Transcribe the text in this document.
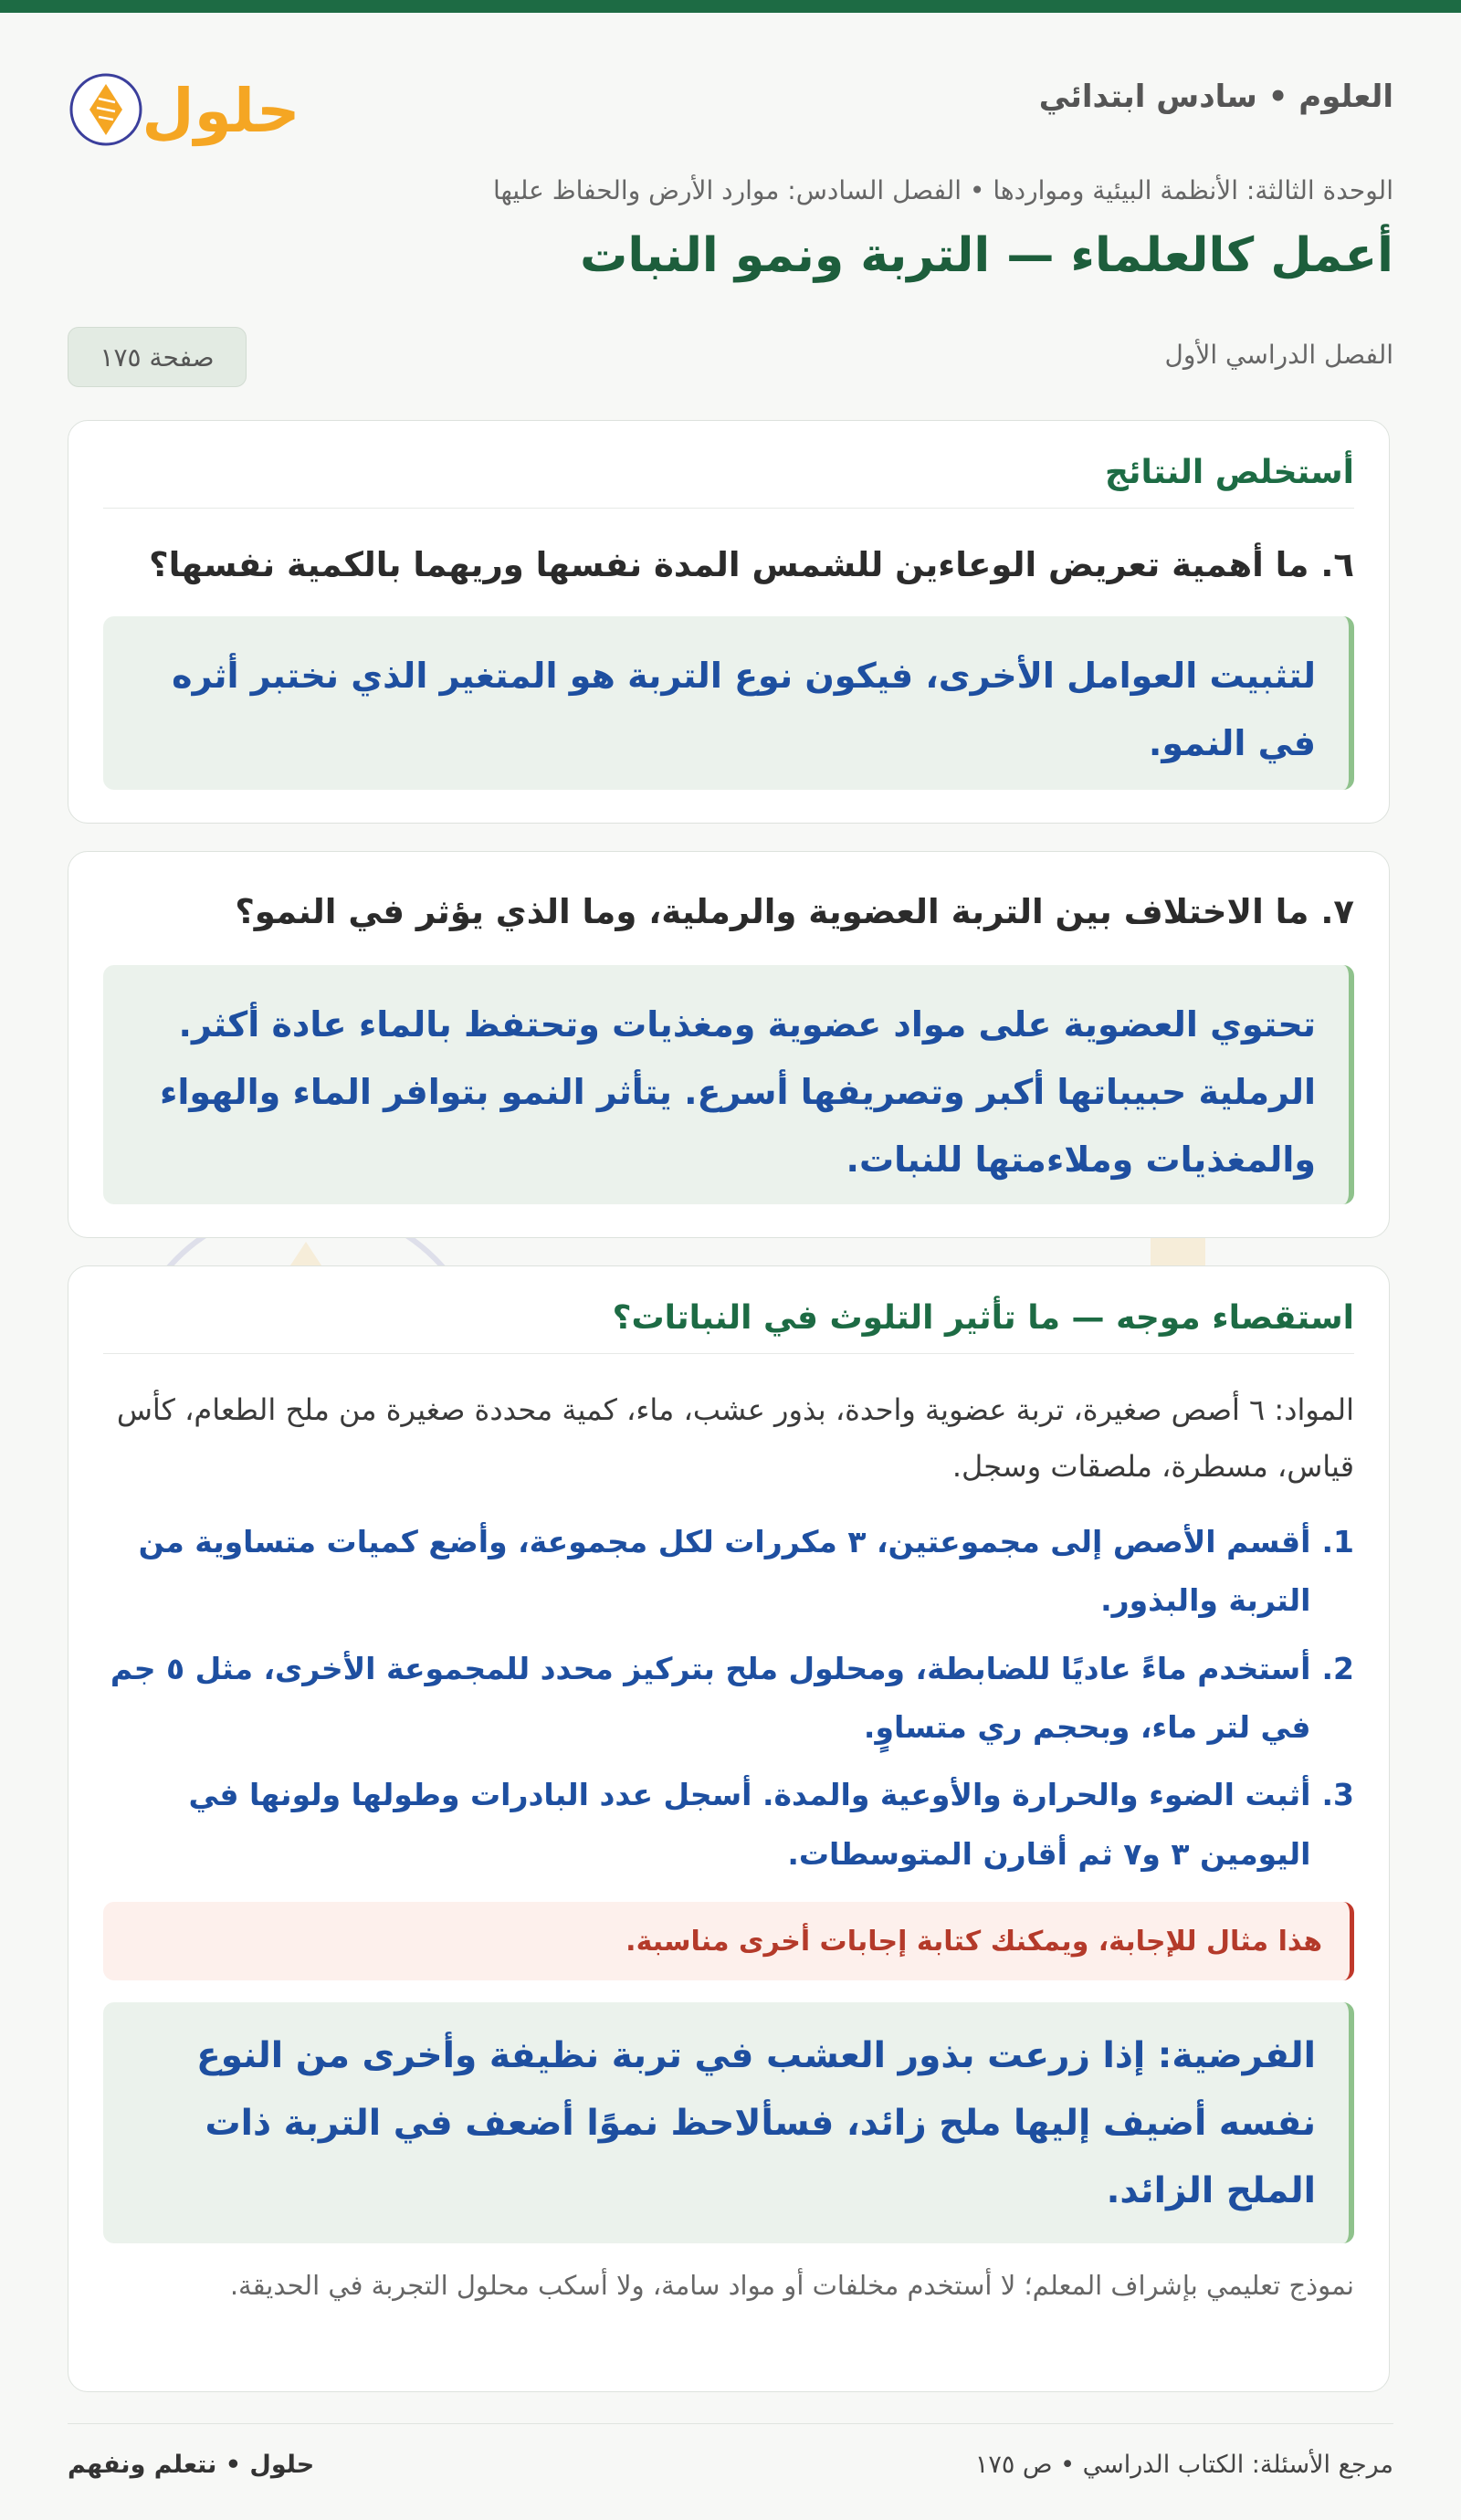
العلوم • سادس ابتدائي
حلول
الوحدة الثالثة: الأنظمة البيئية ومواردها • الفصل السادس: موارد الأرض والحفاظ عليها
أعمل كالعلماء — التربة ونمو النبات
الفصل الدراسي الأول
صفحة ١٧٥
أستخلص النتائج
٦. ما أهمية تعريض الوعاءين للشمس المدة نفسها وريهما بالكمية نفسها؟
لتثبيت العوامل الأخرى، فيكون نوع التربة هو المتغير الذي نختبر أثره في النمو.
٧. ما الاختلاف بين التربة العضوية والرملية، وما الذي يؤثر في النمو؟
تحتوي العضوية على مواد عضوية ومغذيات وتحتفظ بالماء عادة أكثر. الرملية حبيباتها أكبر وتصريفها أسرع. يتأثر النمو بتوافر الماء والهواء والمغذيات وملاءمتها للنبات.
استقصاء موجه — ما تأثير التلوث في النباتات؟
المواد: ٦ أصص صغيرة، تربة عضوية واحدة، بذور عشب، ماء، كمية محددة صغيرة من ملح الطعام، كأس قياس، مسطرة، ملصقات وسجل.
1.
أقسم الأصص إلى مجموعتين، ٣ مكررات لكل مجموعة، وأضع كميات متساوية من التربة والبذور.
2.
أستخدم ماءً عاديًا للضابطة، ومحلول ملح بتركيز محدد للمجموعة الأخرى، مثل ٥ جم في لتر ماء، وبحجم ري متساوٍ.
3.
أثبت الضوء والحرارة والأوعية والمدة. أسجل عدد البادرات وطولها ولونها في اليومين ٣ و٧ ثم أقارن المتوسطات.
هذا مثال للإجابة، ويمكنك كتابة إجابات أخرى مناسبة.
الفرضية: إذا زرعت بذور العشب في تربة نظيفة وأخرى من النوع نفسه أضيف إليها ملح زائد، فسألاحظ نموًا أضعف في التربة ذات الملح الزائد.
نموذج تعليمي بإشراف المعلم؛ لا أستخدم مخلفات أو مواد سامة، ولا أسكب محلول التجربة في الحديقة.
مرجع الأسئلة: الكتاب الدراسي • ص ١٧٥
حلول • نتعلم ونفهم
